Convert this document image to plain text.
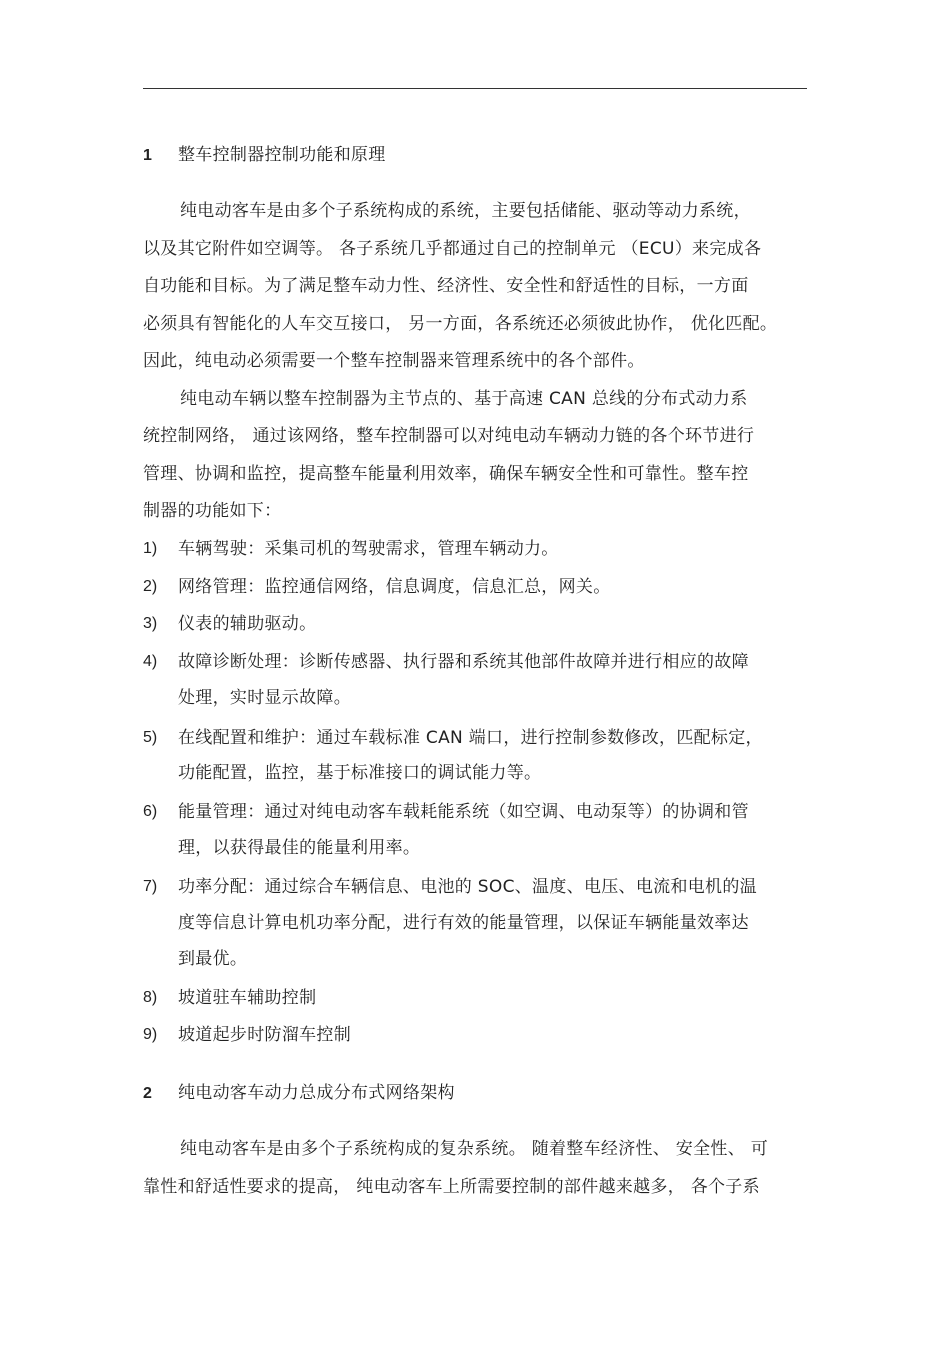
1 整车控制器控制功能和原理
纯电动客车是由多个子系统构成的系统，主要包括储能、驱动等动力系统，
以及其它附件如空调等。 各子系统几乎都通过自己的控制单元 （ECU）来完成各
自功能和目标。为了满足整车动力性、经济性、安全性和舒适性的目标，一方面
必须具有智能化的人车交互接口， 另一方面，各系统还必须彼此协作， 优化匹配。
因此，纯电动必须需要一个整车控制器来管理系统中的各个部件。
纯电动车辆以整车控制器为主节点的、基于高速 CAN 总线的分布式动力系
统控制网络， 通过该网络，整车控制器可以对纯电动车辆动力链的各个环节进行
管理、协调和监控，提高整车能量利用效率，确保车辆安全性和可靠性。整车控
制器的功能如下：
1) 车辆驾驶：采集司机的驾驶需求，管理车辆动力。
2) 网络管理：监控通信网络，信息调度，信息汇总，网关。
3) 仪表的辅助驱动。
4) 故障诊断处理：诊断传感器、执行器和系统其他部件故障并进行相应的故障
处理，实时显示故障。
5) 在线配置和维护：通过车载标准 CAN 端口，进行控制参数修改，匹配标定，
功能配置，监控，基于标准接口的调试能力等。
6) 能量管理：通过对纯电动客车载耗能系统（如空调、电动泵等）的协调和管
理，以获得最佳的能量利用率。
7) 功率分配：通过综合车辆信息、电池的 SOC、温度、电压、电流和电机的温
度等信息计算电机功率分配，进行有效的能量管理，以保证车辆能量效率达
到最优。
8) 坡道驻车辅助控制
9) 坡道起步时防溜车控制
2 纯电动客车动力总成分布式网络架构
纯电动客车是由多个子系统构成的复杂系统。 随着整车经济性、 安全性、 可
靠性和舒适性要求的提高， 纯电动客车上所需要控制的部件越来越多， 各个子系
